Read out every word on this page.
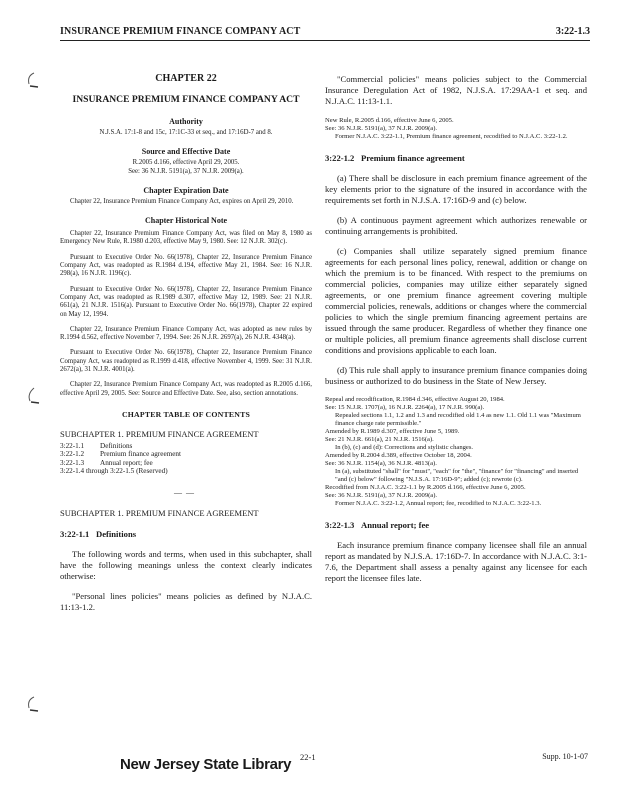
INSURANCE PREMIUM FINANCE COMPANY ACT	3:22-1.3
CHAPTER 22
INSURANCE PREMIUM FINANCE COMPANY ACT
Authority
N.J.S.A. 17:1-8 and 15c, 17:1C-33 et seq., and 17:16D-7 and 8.
Source and Effective Date
R.2005 d.166, effective April 29, 2005.
See: 36 N.J.R. 5191(a), 37 N.J.R. 2009(a).
Chapter Expiration Date
Chapter 22, Insurance Premium Finance Company Act, expires on April 29, 2010.
Chapter Historical Note
Chapter 22, Insurance Premium Finance Company Act, was filed on May 8, 1980 as Emergency New Rule, R.1980 d.203, effective May 9, 1980. See: 12 N.J.R. 302(c).
Pursuant to Executive Order No. 66(1978), Chapter 22, Insurance Premium Finance Company Act, was readopted as R.1984 d.194, effective May 21, 1984. See: 16 N.J.R. 298(a), 16 N.J.R. 1196(c).
Pursuant to Executive Order No. 66(1978), Chapter 22, Insurance Premium Finance Company Act, was readopted as R.1989 d.307, effective May 12, 1989. See: 21 N.J.R. 661(a), 21 N.J.R. 1516(a). Pursuant to Executive Order No. 66(1978), Chapter 22 expired on May 12, 1994.
Chapter 22, Insurance Premium Finance Company Act, was adopted as new rules by R.1994 d.562, effective November 7, 1994. See: 26 N.J.R. 2697(a), 26 N.J.R. 4348(a).
Pursuant to Executive Order No. 66(1978), Chapter 22, Insurance Premium Finance Company Act, was readopted as R.1999 d.418, effective November 4, 1999. See: 31 N.J.R. 2672(a), 31 N.J.R. 4001(a).
Chapter 22, Insurance Premium Finance Company Act, was readopted as R.2005 d.166, effective April 29, 2005. See: Source and Effective Date. See, also, section annotations.
CHAPTER TABLE OF CONTENTS
SUBCHAPTER 1. PREMIUM FINANCE AGREEMENT
3:22-1.1 Definitions
3:22-1.2 Premium finance agreement
3:22-1.3 Annual report; fee
3:22-1.4 through 3:22-1.5 (Reserved)
——
SUBCHAPTER 1. PREMIUM FINANCE AGREEMENT
3:22-1.1 Definitions
The following words and terms, when used in this subchapter, shall have the following meanings unless the context clearly indicates otherwise:
"Personal lines policies" means policies as defined by N.J.A.C. 11:13-1.2.
"Commercial policies" means policies subject to the Commercial Insurance Deregulation Act of 1982, N.J.S.A. 17:29AA-1 et seq. and N.J.A.C. 11:13-1.1.

New Rule, R.2005 d.166, effective June 6, 2005.

See: 36 N.J.R. 5191(a), 37 N.J.R. 2009(a).

Former N.J.A.C. 3:22-1.1, Premium finance agreement, recodified to N.J.A.C. 3:22-1.2.

3:22-1.2 Premium finance agreement
(a) There shall be disclosure in each premium finance agreement of the key elements prior to the signature of the insured in accordance with the requirements set forth in N.J.S.A. 17:16D-9 and (c) below.
(b) A continuous payment agreement which authorizes renewable or continuing arrangements is prohibited.
(c) Companies shall utilize separately signed premium finance agreements for each personal lines policy, renewal, addition or change on which the premium is to be financed. With respect to the premiums on commercial policies, companies may utilize either separately signed agreements, or one premium finance agreement covering multiple commercial policies, renewals, additions or changes where the commercial policies to which the single premium financing agreement pertains are issued through the same producer. Regardless of whether they finance one or multiple policies, all premium finance agreements shall disclose current conditions and provisions applicable to each loan.
(d) This rule shall apply to insurance premium finance companies doing business or authorized to do business in the State of New Jersey.

Repeal and recodification, R.1984 d.346, effective August 20, 1984.

See: 15 N.J.R. 1707(a), 16 N.J.R. 2264(a), 17 N.J.R. 990(a).

Repealed sections 1.1, 1.2 and 1.3 and recodified old 1.4 as new 1.1. Old 1.1 was "Maximum finance charge rate permissible."

Amended by R.1989 d.307, effective June 5, 1989.

See: 21 N.J.R. 661(a), 21 N.J.R. 1516(a).

In (b), (c) and (d): Corrections and stylistic changes.

Amended by R.2004 d.389, effective October 18, 2004.

See: 36 N.J.R. 1154(a), 36 N.J.R. 4813(a).

In (a), substituted "shall" for "must", "each" for "the", "finance" for "financing" and inserted "and (c) below" following "N.J.S.A. 17:16D-9"; added (c); rewrote (c).

Recodified from N.J.A.C. 3:22-1.1 by R.2005 d.166, effective June 6, 2005.

See: 36 N.J.R. 5191(a), 37 N.J.R. 2009(a).

Former N.J.A.C. 3:22-1.2, Annual report; fee, recodified to N.J.A.C. 3:22-1.3.

3:22-1.3 Annual report; fee
Each insurance premium finance company licensee shall file an annual report as mandated by N.J.S.A. 17:16D-7. In accordance with N.J.A.C. 3:1-7.6, the Department shall assess a penalty against any licensee for each report the licensee files late.
New Jersey State Library 22-1	Supp. 10-1-07
